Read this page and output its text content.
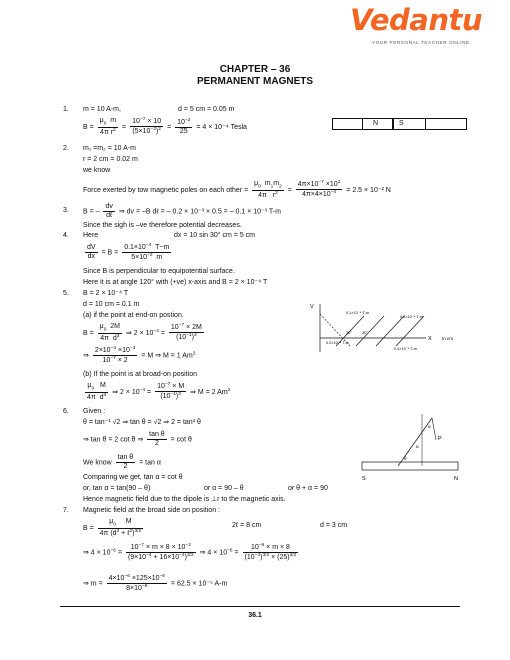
Vedantu
YOUR PERSONAL TEACHER ONLINE
CHAPTER – 36
PERMANENT MAGNETS
1.	m = 10 A-m,	d = 5 cm = 0.05 m
$B = \frac{\mu_0 m}{4\pi r^2} = \frac{10^{-7} \times 10}{(5\times 10^{-2})^2} = \frac{10^{-2}}{25} = 4 \times 10^{-4}$ Tesla
N	S
2.	m₁ =m₂ = 10 A-m
r = 2 cm = 0.02 m
we know
Force exerted by tow magnetic poles on each other = $\frac{\mu_0 m_1m_2}{4\pi r^2} = \frac{4\pi\times 10^{-7} \times 10^2}{4\pi\times 4\times 10^{-4}} = 2.5 \times 10^{-2}$ N
3.	B = – $\frac{dv}{\text{dℓ}}$ ⇒ dv = –B dℓ = – 0.2 × 10⁻³ × 0.5 = – 0.1 × 10⁻³ T-m
Since the sigh is –ve therefore potential decreases.
4.	Here	dx = 10 sin 30° cm = 5 cm
$\frac{dV}{dx} = B = \frac{0.1\times 10^{-4} T-m}{5\times 10^{-2} m}$
Since B is perpendicular to equipotential surface.
Here it is at angle 120° with (+ve) x-axis and B = 2 × 10⁻⁴ T
5.	B = 2 × 10⁻⁴ T
d = 10 cm = 0.1 m
(a) if the point at end-on postion.
$B = \frac{\mu_0 2M}{4\pi d^3}$ ⇒ $2 \times 10^{-4} = \frac{10^{-7} \times 2M}{(10^{-1})^3}$
⇒ $\frac{2\times 10^{-4} \times 10^{-3}}{10^{-7} \times 2} = M$ ⇒ M = 1 Am$^2$
(b) If the point is at broad-on position
$\frac{\mu_0 M}{4\pi d^3}$ ⇒ $2 \times 10^{-4} = \frac{10^{-7} \times M}{(10^{-1})^3}$ ⇒ M = 2 Am$^2$
V
X In cm
0.1×10⁻⁴ T-m
0.3×10⁻⁴ T-m
0.2×10⁻⁴ T-m
0.4×10⁻⁴ T-m
30°	30°
6.	Given :
θ = tan⁻¹ √2 ⇒ tan θ = √2 ⇒ 2 = tan² θ
⇒ tan θ = 2 cot θ ⇒ $\frac{\text{tan θ}}{2} = \cot \theta$
We know $\frac{\text{tan θ}}{2} = \tan \alpha$
Comparing we get, tan α = cot θ
or, tan α = tan(90 – θ)	or α = 90 – θ	or θ + α = 90
Hence magnetic field due to the dipole is ⊥r to the magnetic axis.
S	N
P
α
α
θ
7.	Magnetic field at the broad side on position :
$B = \frac{\mu_0 M}{4\pi (d^2 + \ell^2)^{3/2}}$	2ℓ = 8 cm	d = 3 cm
⇒ $4 \times 10^{-6} = \frac{10^{-7} \times m \times 8 \times 10^{-2}}{(9\times 10^{-4} + 16\times 10^{-4})^{3/2}}$ ⇒ $4 \times 10^{-6} = \frac{10^{-9} \times m \times 8}{(10^{-4})^{3/2} \times (25)^{3/2}}$
⇒ $m = \frac{4\times 10^{-6} \times 125\times 10^{-6}}{8\times 10^{-9}} = 62.5 \times 10^{-5}$ A-m
36.1
